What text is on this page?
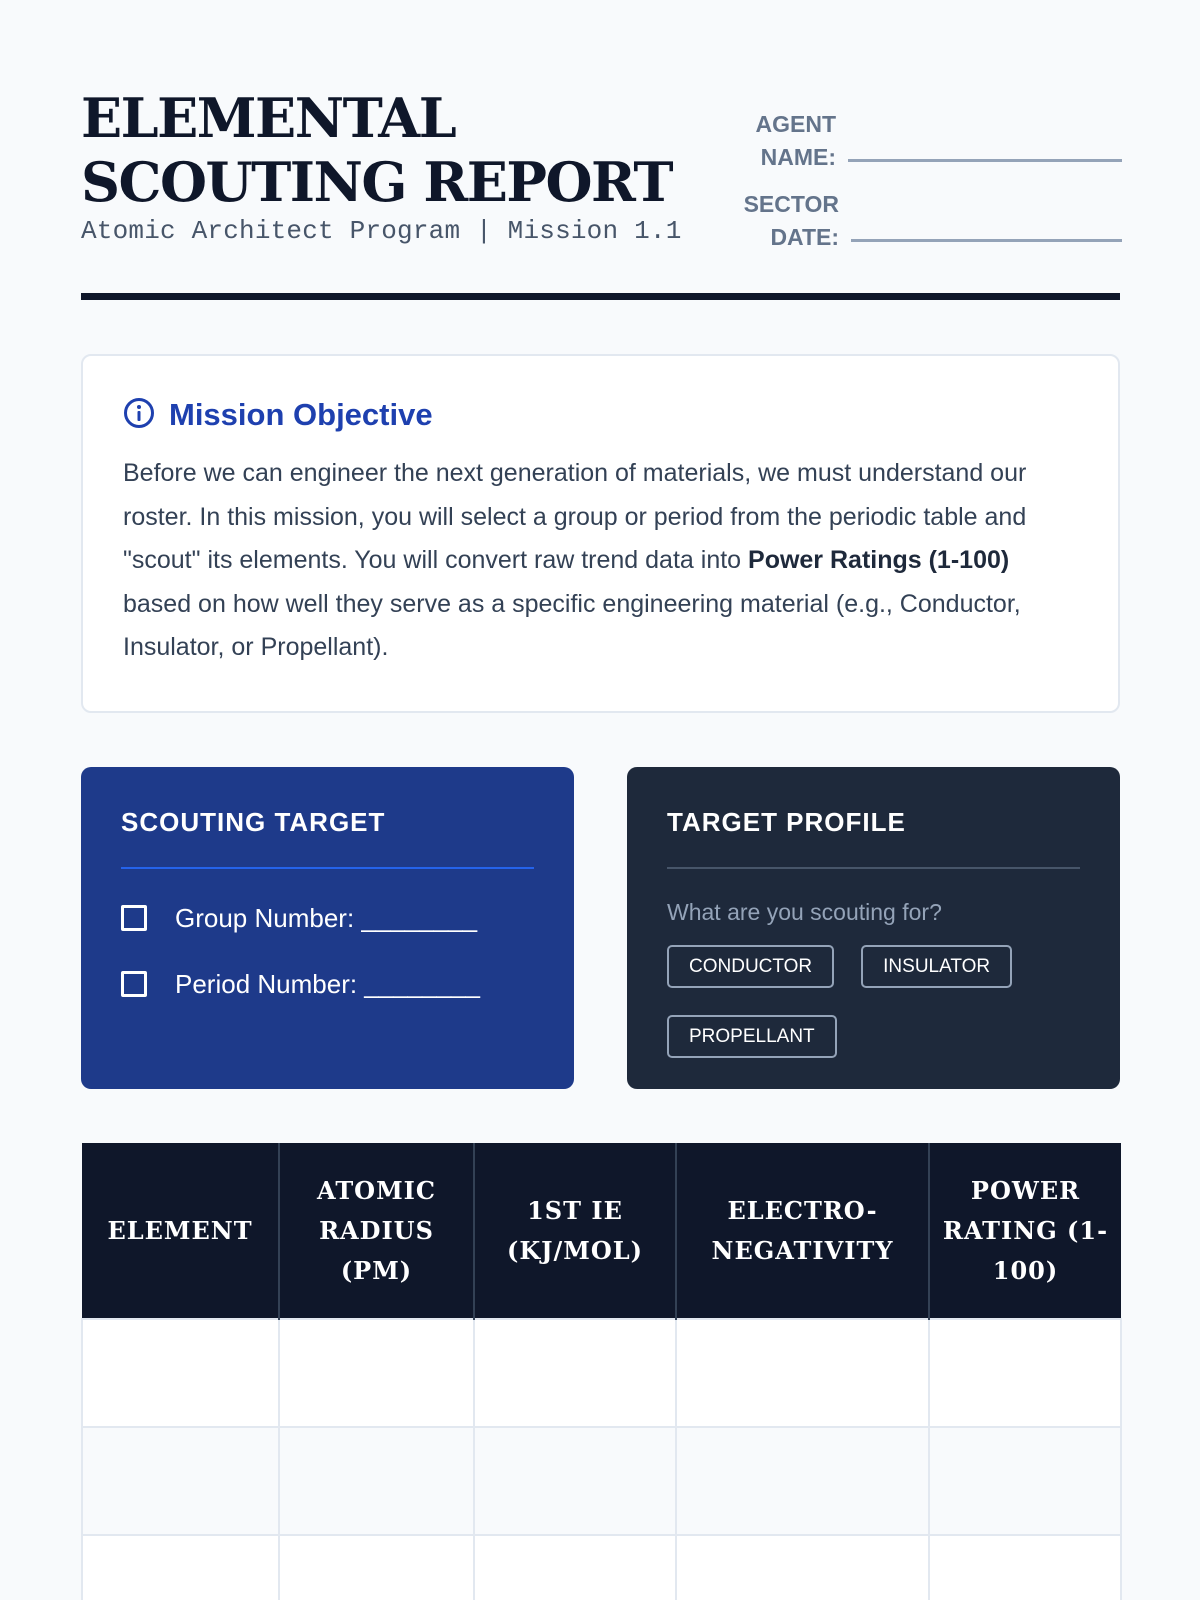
ELEMENTAL
SCOUTING REPORT
Atomic Architect Program | Mission 1.1
AGENT
NAME:
SECTOR
DATE:
Mission Objective

Before we can engineer the next generation of materials, we must understand our roster. In this mission, you will select a group or period from the periodic table and "scout" its elements. You will convert raw trend data into Power Ratings (1-100) based on how well they serve as a specific engineering material (e.g., Conductor, Insulator, or Propellant).

SCOUTING TARGET
Group Number: ________
Period Number: ________
TARGET PROFILE
What are you scouting for?
CONDUCTOR	INSULATOR
PROPELLANT
ELEMENT	ATOMIC RADIUS (PM)	1ST IE (KJ/MOL)	ELECTRO- NEGATIVITY	POWER RATING (1-100)
